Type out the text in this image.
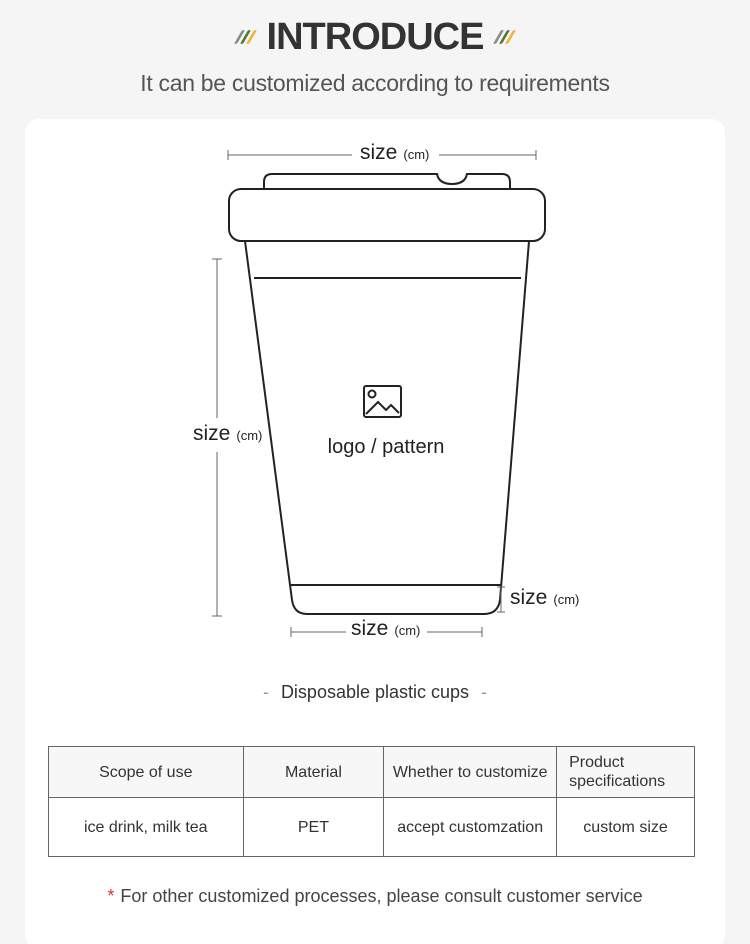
INTRODUCE
It can be customized according to requirements
size (cm)
size (cm)
size (cm)
size (cm)
logo / pattern
- Disposable plastic cups -
Scope of use	Material	Whether to customize	Product specifications
ice drink, milk tea	PET	accept customzation	custom size
* For other customized processes, please consult customer service
